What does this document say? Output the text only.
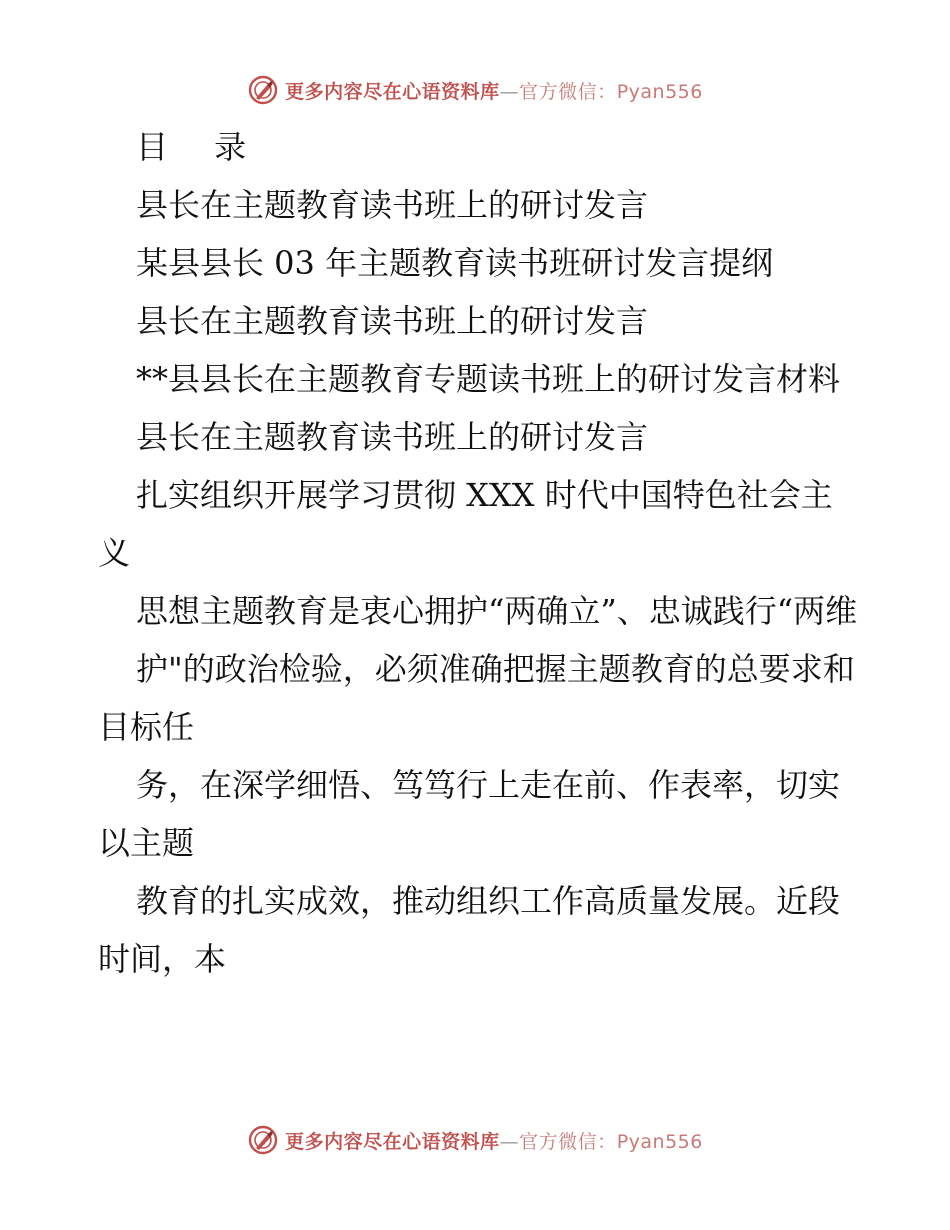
更多内容尽在心语资料库—官方微信：Pyan556

目 录

县长在主题教育读书班上的研讨发言

某县县长 03 年主题教育读书班研讨发言提纲

县长在主题教育读书班上的研讨发言

**县县长在主题教育专题读书班上的研讨发言材料

县长在主题教育读书班上的研讨发言

扎实组织开展学习贯彻 XXX 时代中国特色社会主义

思想主题教育是衷心拥护“两确立”、忠诚践行“两维

护"的政治检验，必须准确把握主题教育的总要求和目标任

务，在深学细悟、笃笃行上走在前、作表率，切实以主题

教育的扎实成效，推动组织工作高质量发展。近段时间，本

更多内容尽在心语资料库—官方微信：Pyan556
